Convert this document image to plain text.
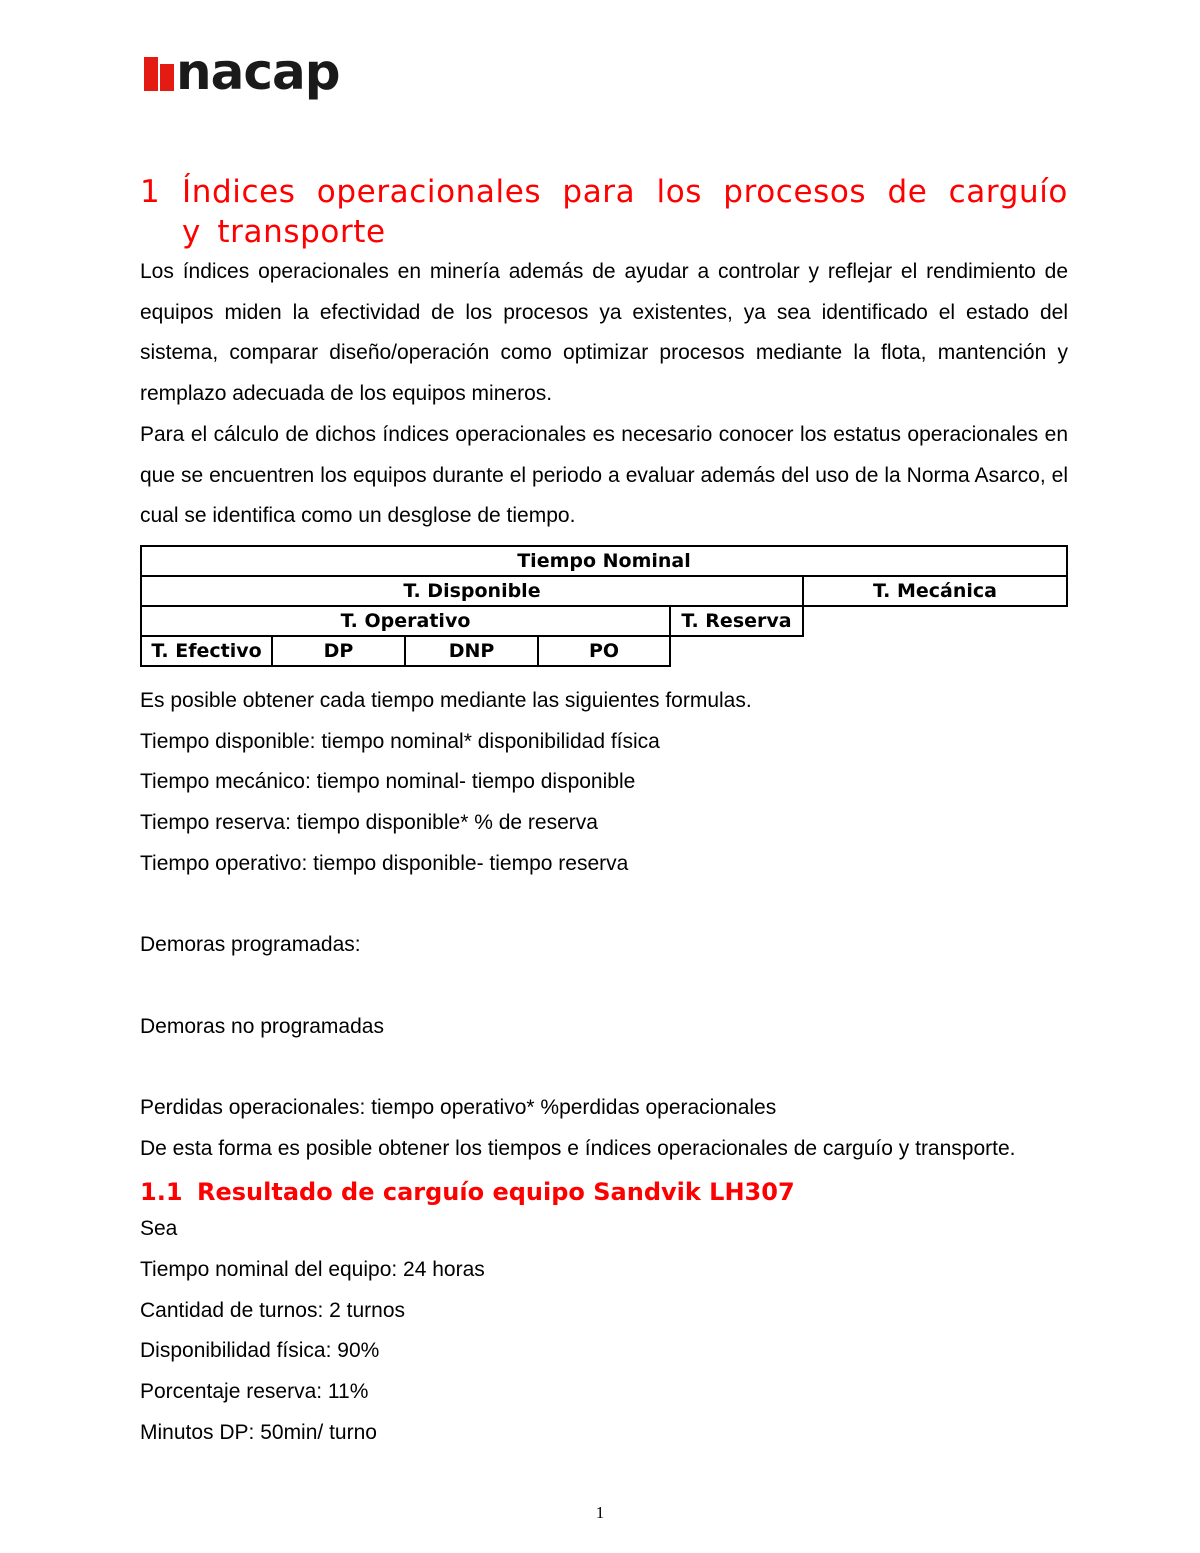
nacap
1 Índices operacionales para los procesos de carguío y transporte

Los índices operacionales en minería además de ayudar a controlar y reflejar el rendimiento de equipos miden la efectividad de los procesos ya existentes, ya sea identificado el estado del sistema, comparar diseño/operación como optimizar procesos mediante la flota, mantención y remplazo adecuada de los equipos mineros.

Para el cálculo de dichos índices operacionales es necesario conocer los estatus operacionales en que se encuentren los equipos durante el periodo a evaluar además del uso de la Norma Asarco, el cual se identifica como un desglose de tiempo.

Tiempo Nominal
T. Disponible	T. Mecánica
T. Operativo	T. Reserva
T. Efectivo	DP	DNP	PO

Es posible obtener cada tiempo mediante las siguientes formulas.

Tiempo disponible: tiempo nominal* disponibilidad física

Tiempo mecánico: tiempo nominal- tiempo disponible

Tiempo reserva: tiempo disponible* % de reserva

Tiempo operativo: tiempo disponible- tiempo reserva

Demoras programadas:

Demoras no programadas

Perdidas operacionales: tiempo operativo* %perdidas operacionales

De esta forma es posible obtener los tiempos e índices operacionales de carguío y transporte.

1.1 Resultado de carguío equipo Sandvik LH307

Sea

Tiempo nominal del equipo: 24 horas

Cantidad de turnos: 2 turnos

Disponibilidad física: 90%

Porcentaje reserva: 11%

Minutos DP: 50min/ turno

1
